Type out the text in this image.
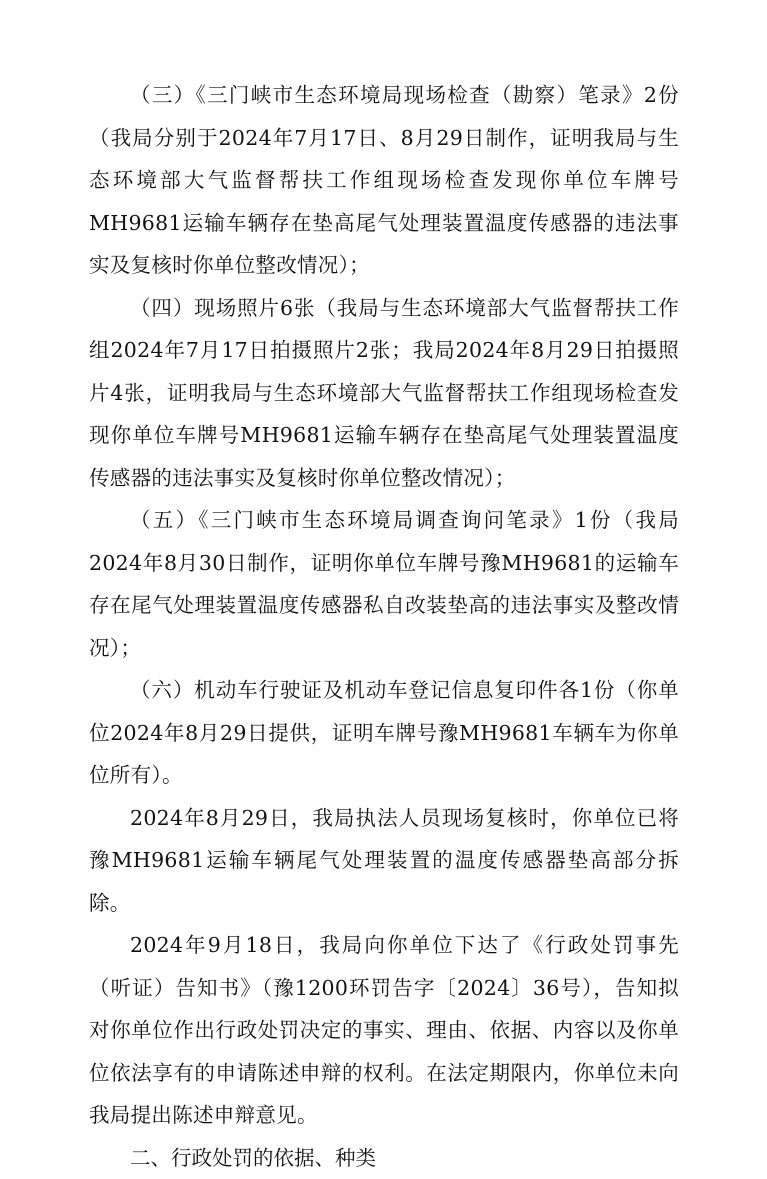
（三）《三门峡市生态环境局现场检查（勘察）笔录》2份（我局分别于2024年7月17日、8月29日制作，证明我局与生态环境部大气监督帮扶工作组现场检查发现你单位车牌号MH9681运输车辆存在垫高尾气处理装置温度传感器的违法事实及复核时你单位整改情况）；

（四）现场照片6张（我局与生态环境部大气监督帮扶工作组2024年7月17日拍摄照片2张；我局2024年8月29日拍摄照片4张，证明我局与生态环境部大气监督帮扶工作组现场检查发现你单位车牌号MH9681运输车辆存在垫高尾气处理装置温度传感器的违法事实及复核时你单位整改情况）；

（五）《三门峡市生态环境局调查询问笔录》1份（我局2024年8月30日制作，证明你单位车牌号豫MH9681的运输车存在尾气处理装置温度传感器私自改装垫高的违法事实及整改情况）；

（六）机动车行驶证及机动车登记信息复印件各1份（你单位2024年8月29日提供，证明车牌号豫MH9681车辆车为你单位所有）。

2024年8月29日，我局执法人员现场复核时，你单位已将豫MH9681运输车辆尾气处理装置的温度传感器垫高部分拆除。

2024年9月18日，我局向你单位下达了《行政处罚事先（听证）告知书》（豫1200环罚告字〔2024〕36号），告知拟对你单位作出行政处罚决定的事实、理由、依据、内容以及你单位依法享有的申请陈述申辩的权利。在法定期限内，你单位未向我局提出陈述申辩意见。

二、行政处罚的依据、种类
